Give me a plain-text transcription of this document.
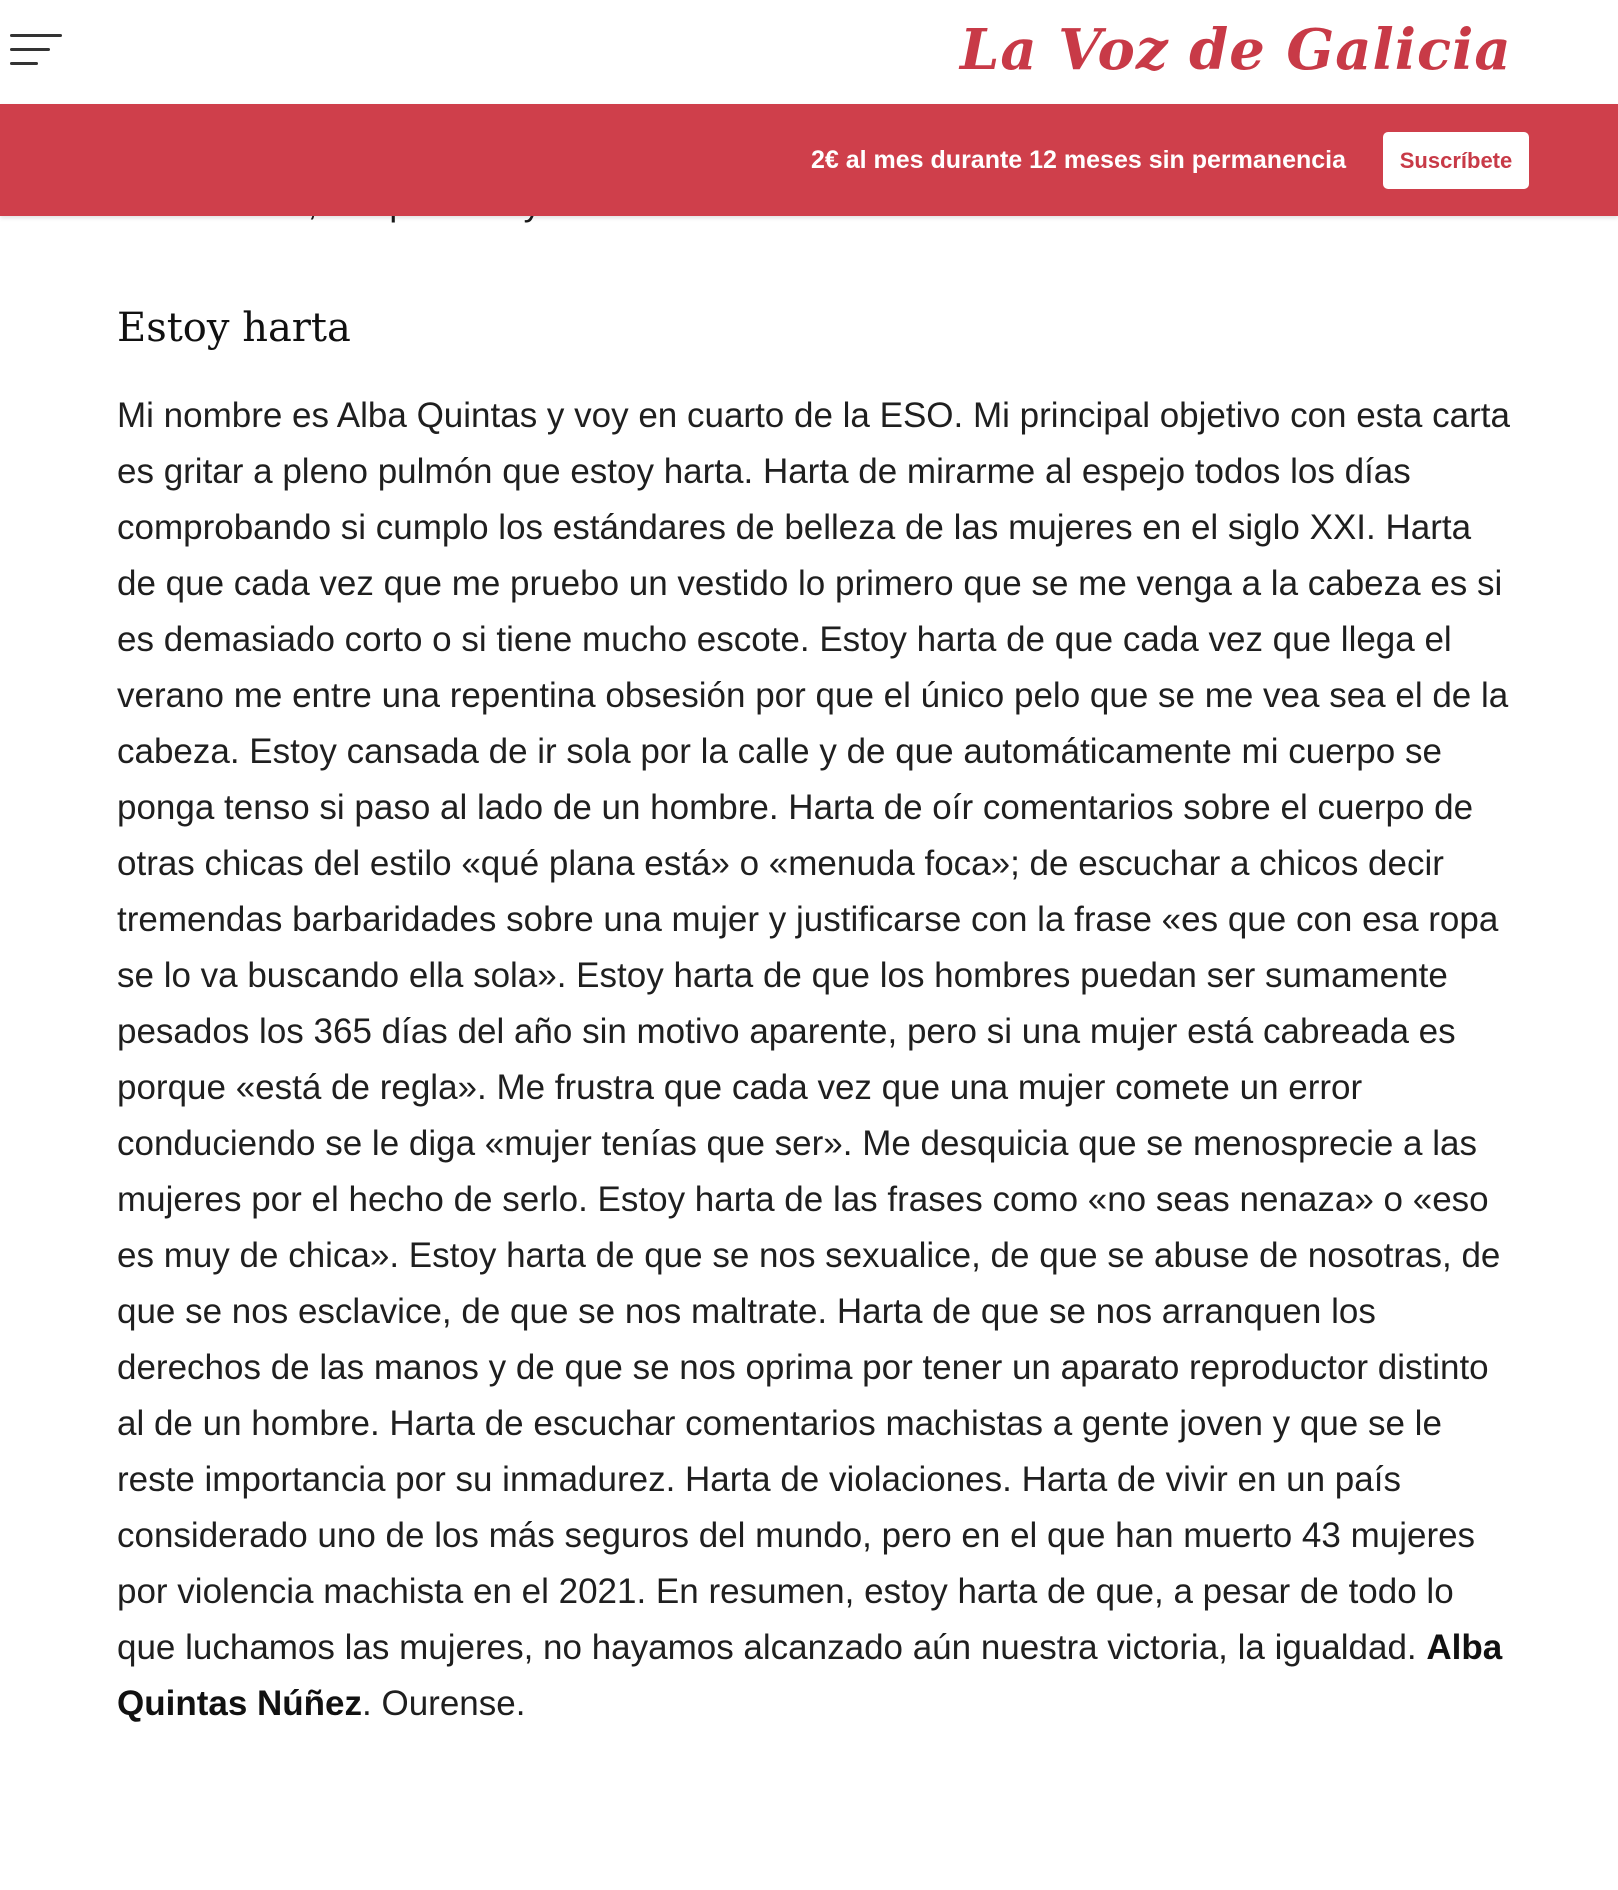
La Voz de Galicia
2€ al mes durante 12 meses sin permanencia	Suscríbete
Estoy harta

Mi nombre es Alba Quintas y voy en cuarto de la ESO. Mi principal objetivo con esta carta es gritar a pleno pulmón que estoy harta. Harta de mirarme al espejo todos los días comprobando si cumplo los estándares de belleza de las mujeres en el siglo XXI. Harta de que cada vez que me pruebo un vestido lo primero que se me venga a la cabeza es si es demasiado corto o si tiene mucho escote. Estoy harta de que cada vez que llega el verano me entre una repentina obsesión por que el único pelo que se me vea sea el de la cabeza. Estoy cansada de ir sola por la calle y de que automáticamente mi cuerpo se ponga tenso si paso al lado de un hombre. Harta de oír comentarios sobre el cuerpo de otras chicas del estilo «qué plana está» o «menuda foca»; de escuchar a chicos decir tremendas barbaridades sobre una mujer y justificarse con la frase «es que con esa ropa se lo va buscando ella sola». Estoy harta de que los hombres puedan ser sumamente pesados los 365 días del año sin motivo aparente, pero si una mujer está cabreada es porque «está de regla». Me frustra que cada vez que una mujer comete un error conduciendo se le diga «mujer tenías que ser». Me desquicia que se menosprecie a las mujeres por el hecho de serlo. Estoy harta de las frases como «no seas nenaza» o «eso es muy de chica». Estoy harta de que se nos sexualice, de que se abuse de nosotras, de que se nos esclavice, de que se nos maltrate. Harta de que se nos arranquen los derechos de las manos y de que se nos oprima por tener un aparato reproductor distinto al de un hombre. Harta de escuchar comentarios machistas a gente joven y que se le reste importancia por su inmadurez. Harta de violaciones. Harta de vivir en un país considerado uno de los más seguros del mundo, pero en el que han muerto 43 mujeres por violencia machista en el 2021. En resumen, estoy harta de que, a pesar de todo lo que luchamos las mujeres, no hayamos alcanzado aún nuestra victoria, la igualdad. Alba Quintas Núñez. Ourense.
